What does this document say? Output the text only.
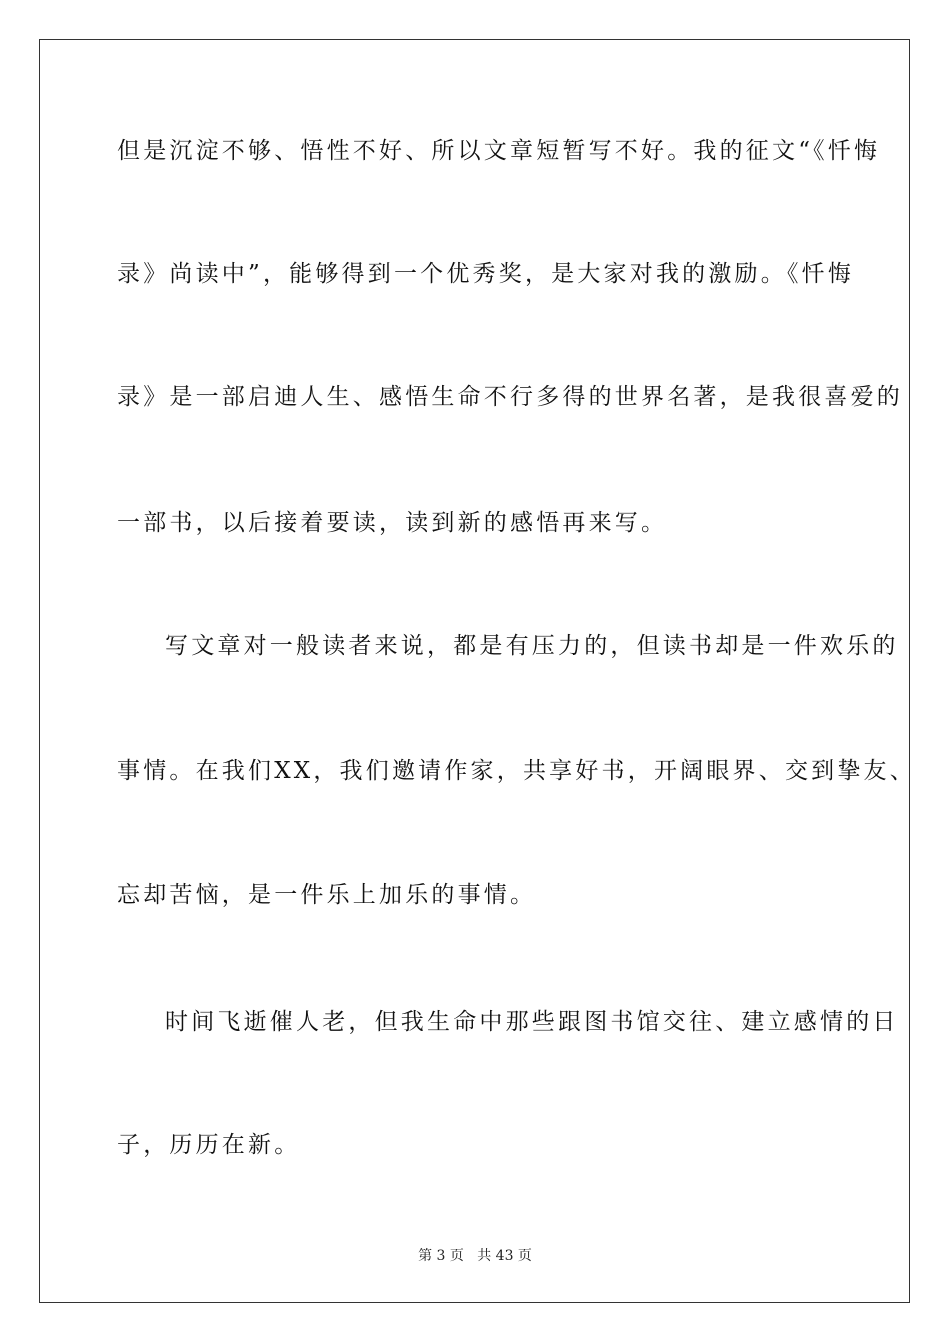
但是沉淀不够、悟性不好、所以文章短暂写不好。我的征文“《忏悔
录》尚读中”，能够得到一个优秀奖，是大家对我的激励。《忏悔
录》是一部启迪人生、感悟生命不行多得的世界名著，是我很喜爱的
一部书，以后接着要读，读到新的感悟再来写。
写文章对一般读者来说，都是有压力的，但读书却是一件欢乐的
事情。在我们XX，我们邀请作家，共享好书，开阔眼界、交到挚友、
忘却苦恼，是一件乐上加乐的事情。
时间飞逝催人老，但我生命中那些跟图书馆交往、建立感情的日
子，历历在新。
第 3 页   共 43 页
